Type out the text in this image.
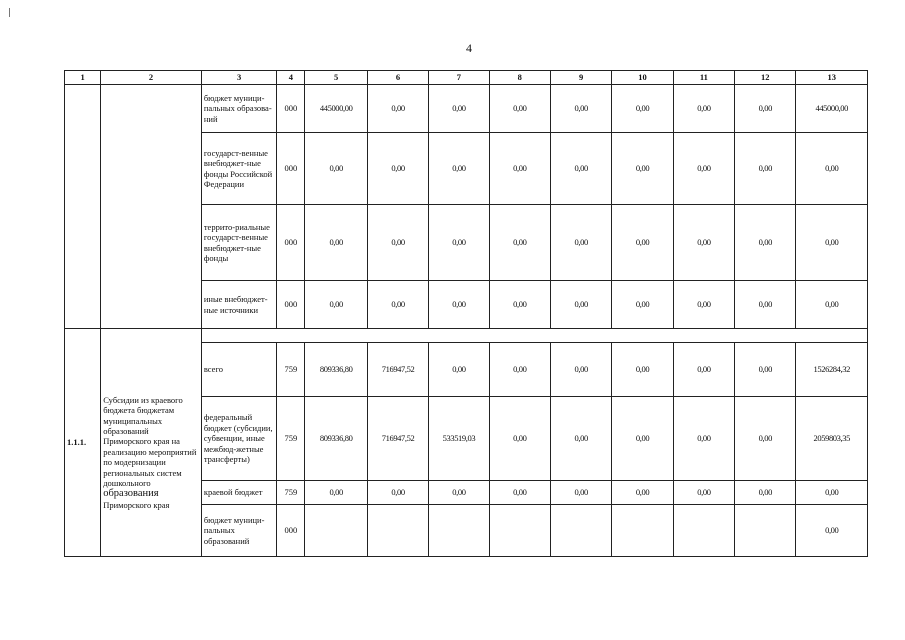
4
1	2	3	4	5	6	7	8	9	10	11	12	13
		бюджет муници-пальных образова-ний	000	445000,00	0,00	0,00	0,00	0,00	0,00	0,00	0,00	445000,00
		государст-венные внебюджет-ные фонды Российской Федерации	000	0,00	0,00	0,00	0,00	0,00	0,00	0,00	0,00	0,00
		террито-риальные государст-венные внебюджет-ные фонды	000	0,00	0,00	0,00	0,00	0,00	0,00	0,00	0,00	0,00
		иные внебюджет-ные источники	000	0,00	0,00	0,00	0,00	0,00	0,00	0,00	0,00	0,00
1.1.1.	Субсидии из краевого бюджета бюджетам муниципальных образований Приморского края на реализацию мероприятий по модернизации региональных систем дошкольного образования Приморского края											
		всего	759	809336,80	716947,52	0,00	0,00	0,00	0,00	0,00	0,00	1526284,32
		федеральный бюджет (субсидии, субвенции, иные межбюд-жетные трансферты)	759	809336,80	716947,52	533519,03	0,00	0,00	0,00	0,00	0,00	2059803,35
		краевой бюджет	759	0,00	0,00	0,00	0,00	0,00	0,00	0,00	0,00	0,00
		бюджет муници-пальных образований	000									0,00
